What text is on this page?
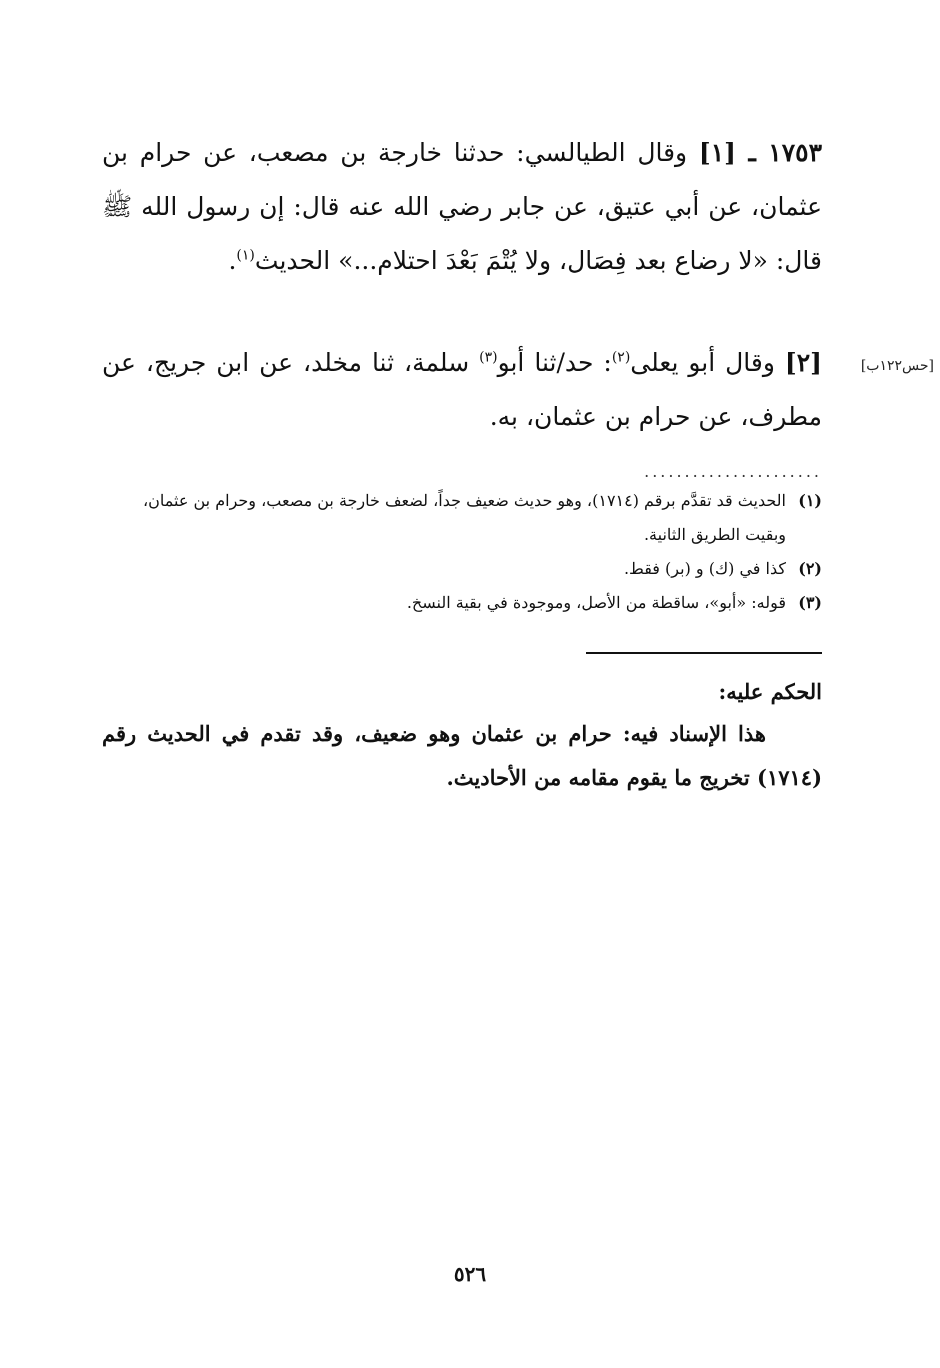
١٧٥٣ ـ [١] وقال الطيالسي: حدثنا خارجة بن مصعب، عن حرام بن عثمان، عن أبي عتيق، عن جابر رضي الله عنه قال: إن رسول الله ﷺ قال: «لا رضاع بعد فِصَال، ولا يُتْمَ بَعْدَ احتلام...» الحديث$^{(١)}$.
[حس١٢٢ب]
[٢] وقال أبو يعلى$^{(٢)}$: حد/ثنا أبو$^{(٣)}$ سلمة، ثنا مخلد، عن ابن جريج، عن مطرف، عن حرام بن عثمان، به.
......................
(١)
الحديث قد تقدَّم برقم (١٧١٤)، وهو حديث ضعيف جداً، لضعف خارجة بن مصعب، وحرام بن عثمان، وبقيت الطريق الثانية.
(٢)
كذا في (ك) و (بر) فقط.
(٣)
قوله: «أبو»، ساقطة من الأصل، وموجودة في بقية النسخ.
الحكم عليه:
هذا الإسناد فيه: حرام بن عثمان وهو ضعيف، وقد تقدم في الحديث رقم (١٧١٤) تخريج ما يقوم مقامه من الأحاديث.
٥٢٦
